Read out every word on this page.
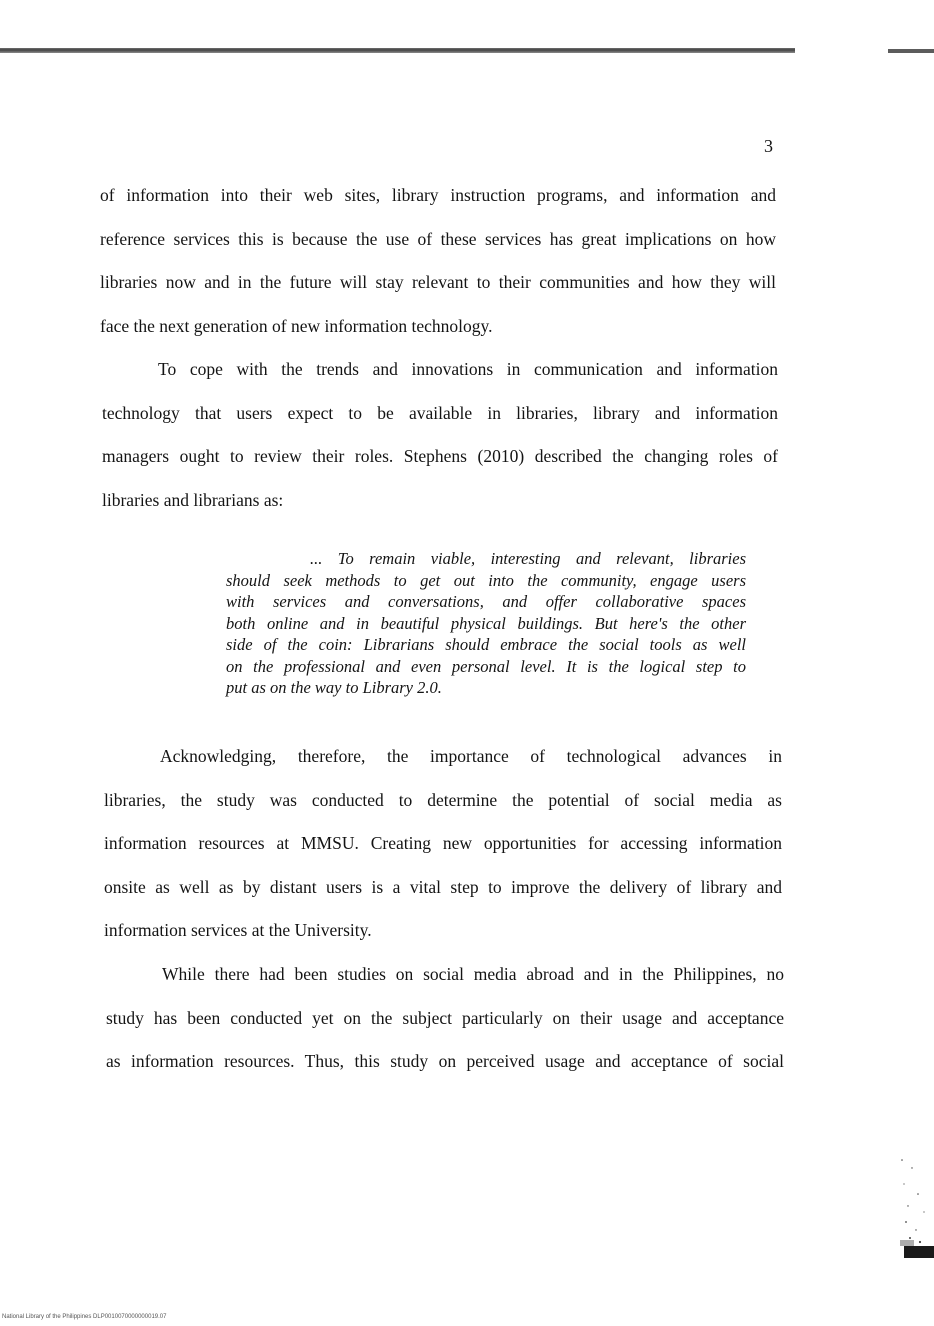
3
of information into their web sites, library instruction programs, and information and
reference services this is because the use of these services has great implications on how
libraries now and in the future will stay relevant to their communities and how they will
face the next generation of new information technology.
To cope with the trends and innovations in communication and information
technology that users expect to be available in libraries, library and information
managers ought to review their roles. Stephens (2010) described the changing roles of
libraries and librarians as:
... To remain viable, interesting and relevant, libraries
should seek methods to get out into the community, engage users
with services and conversations, and offer collaborative spaces
both online and in beautiful physical buildings. But here's the other
side of the coin: Librarians should embrace the social tools as well
on the professional and even personal level. It is the logical step to
put as on the way to Library 2.0.
Acknowledging, therefore, the importance of technological advances in
libraries, the study was conducted to determine the potential of social media as
information resources at MMSU. Creating new opportunities for accessing information
onsite as well as by distant users is a vital step to improve the delivery of library and
information services at the University.
While there had been studies on social media abroad and in the Philippines, no
study has been conducted yet on the subject particularly on their usage and acceptance
as information resources. Thus, this study on perceived usage and acceptance of social
National Library of the Philippines DLP0010070000000019.07
